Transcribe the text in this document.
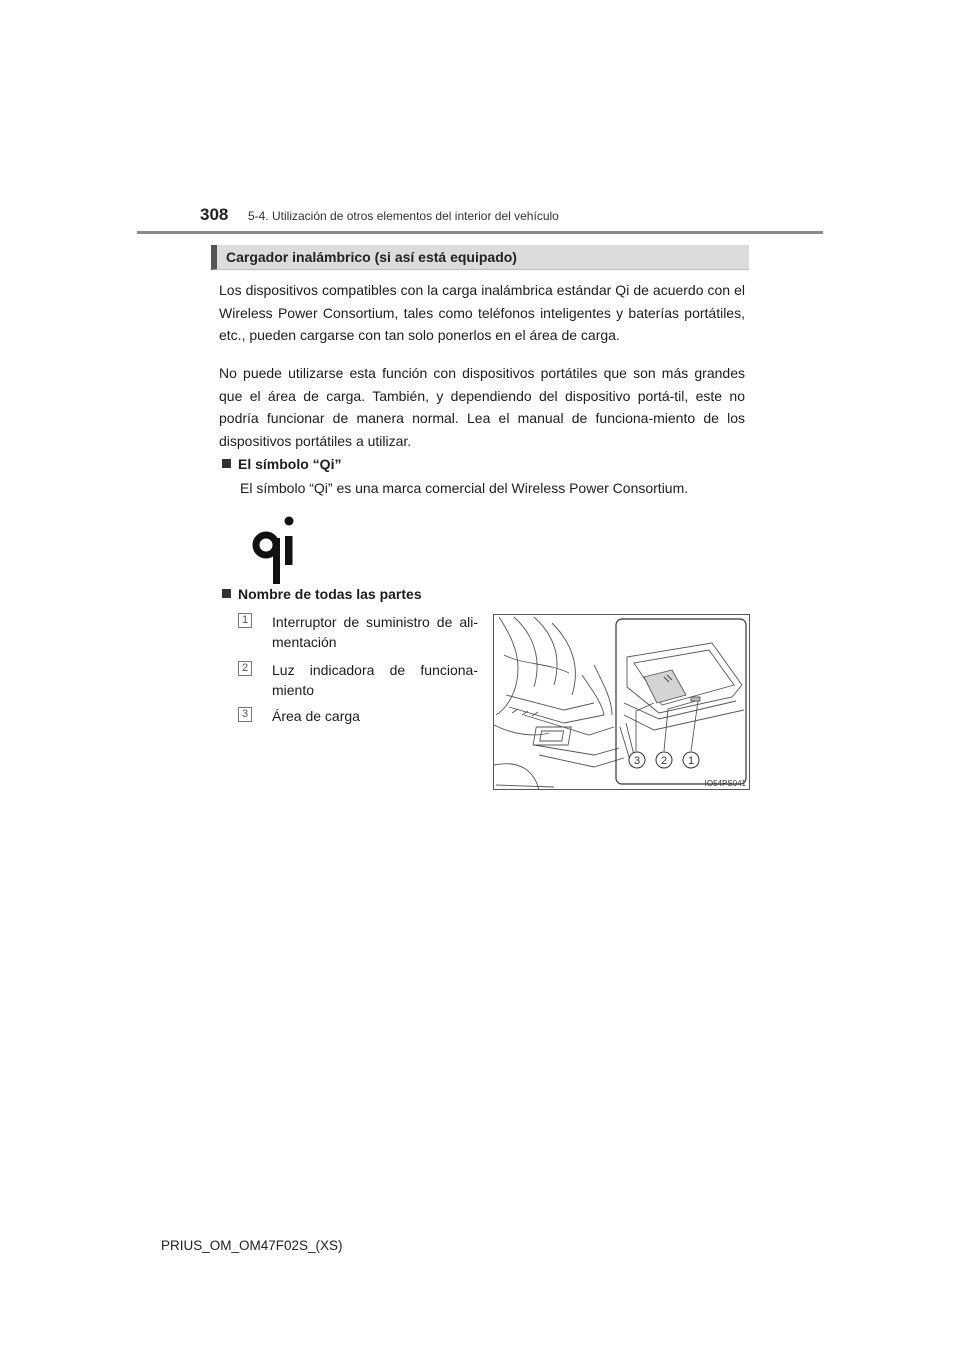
308 5-4. Utilización de otros elementos del interior del vehículo
Cargador inalámbrico (si así está equipado)
Los dispositivos compatibles con la carga inalámbrica estándar Qi de acuerdo con el Wireless Power Consortium, tales como teléfonos inteligentes y baterías portátiles, etc., pueden cargarse con tan solo ponerlos en el área de carga.
No puede utilizarse esta función con dispositivos portátiles que son más grandes que el área de carga. También, y dependiendo del dispositivo portá-til, este no podría funcionar de manera normal. Lea el manual de funciona-miento de los dispositivos portátiles a utilizar.
El símbolo “Qi”
El símbolo “Qi” es una marca comercial del Wireless Power Consortium.
Nombre de todas las partes
1 Interruptor de suministro de ali-mentación
2 Luz indicadora de funciona-miento
3 Área de carga
3 2 1
IO54PS041
PRIUS_OM_OM47F02S_(XS)
